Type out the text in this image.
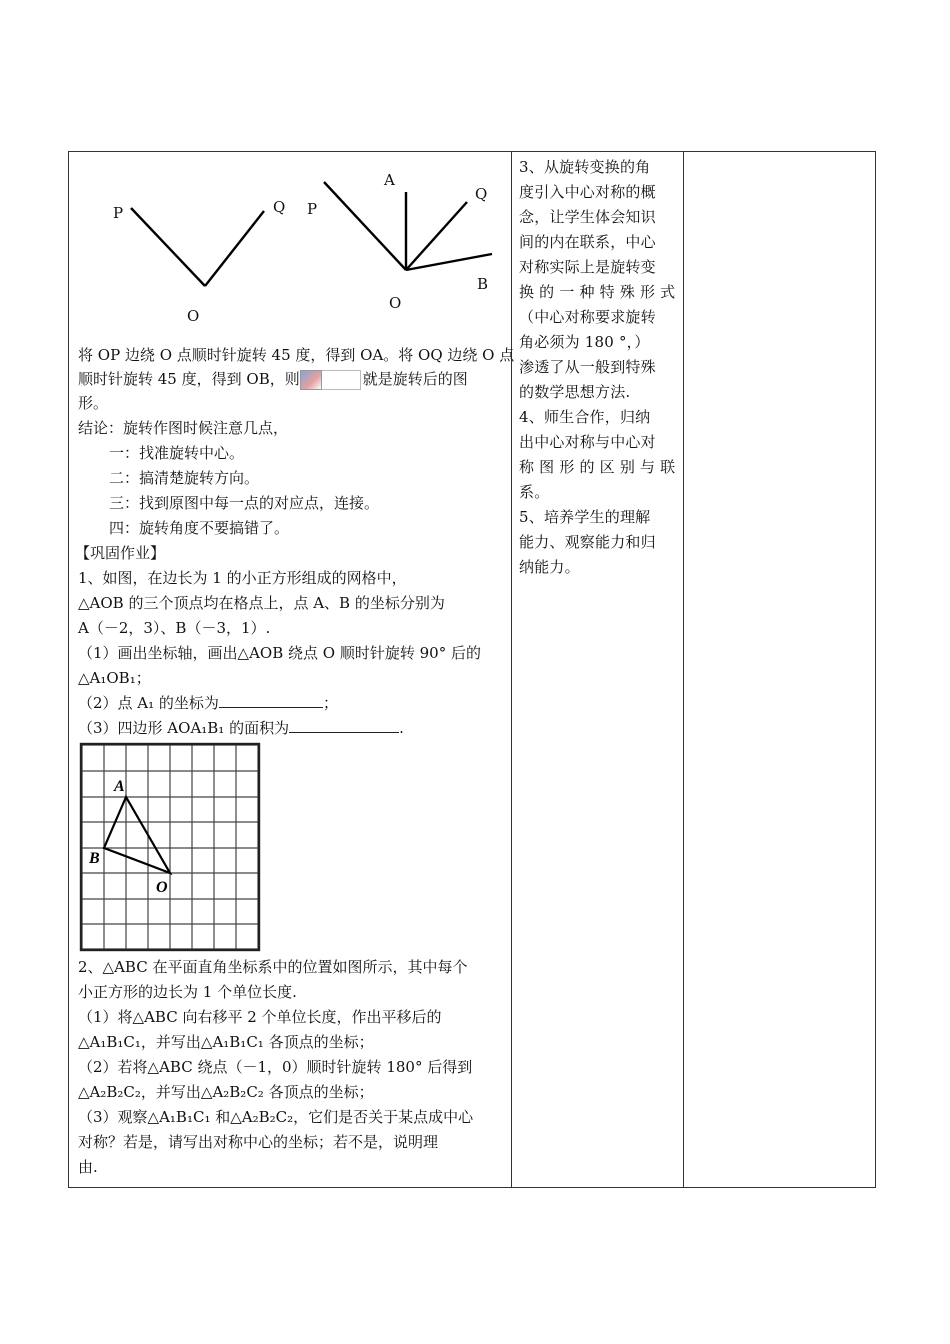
P	Q
O
A
P
Q
B
O
将 OP 边绕 O 点顺时针旋转 45 度，得到 OA。将 OQ 边绕 O 点
顺时针旋转 45 度，得到 OB，则	就是旋转后的图
形。
结论：旋转作图时候注意几点，
一：找准旋转中心。
二：搞清楚旋转方向。
三：找到原图中每一点的对应点，连接。
四：旋转角度不要搞错了。
【巩固作业】
1、如图，在边长为 1 的小正方形组成的网格中，
△AOB 的三个顶点均在格点上，点 A、B 的坐标分别为
A（－2，3）、B（－3，1）.
（1）画出坐标轴，画出△AOB 绕点 O 顺时针旋转 90° 后的
△A₁OB₁；
（2）点 A₁ 的坐标为	；
（3）四边形 AOA₁B₁ 的面积为	.
A
B
O
2、△ABC 在平面直角坐标系中的位置如图所示，其中每个
小正方形的边长为 1 个单位长度.
（1）将△ABC 向右移平 2 个单位长度，作出平移后的
△A₁B₁C₁，并写出△A₁B₁C₁ 各顶点的坐标；
（2）若将△ABC 绕点（－1，0）顺时针旋转 180° 后得到
△A₂B₂C₂，并写出△A₂B₂C₂ 各顶点的坐标；
（3）观察△A₁B₁C₁ 和△A₂B₂C₂，它们是否关于某点成中心
对称？若是，请写出对称中心的坐标；若不是，说明理
由.
3、从旋转变换的角
度引入中心对称的概
念，让学生体会知识
间的内在联系，中心
对称实际上是旋转变
换 的 一 种 特 殊 形 式
（中心对称要求旋转
角必须为 180 °，）
渗透了从一般到特殊
的数学思想方法.
4、师生合作，归纳
出中心对称与中心对
称 图 形 的 区 别 与 联
系。
5、培养学生的理解
能力、观察能力和归
纳能力。
